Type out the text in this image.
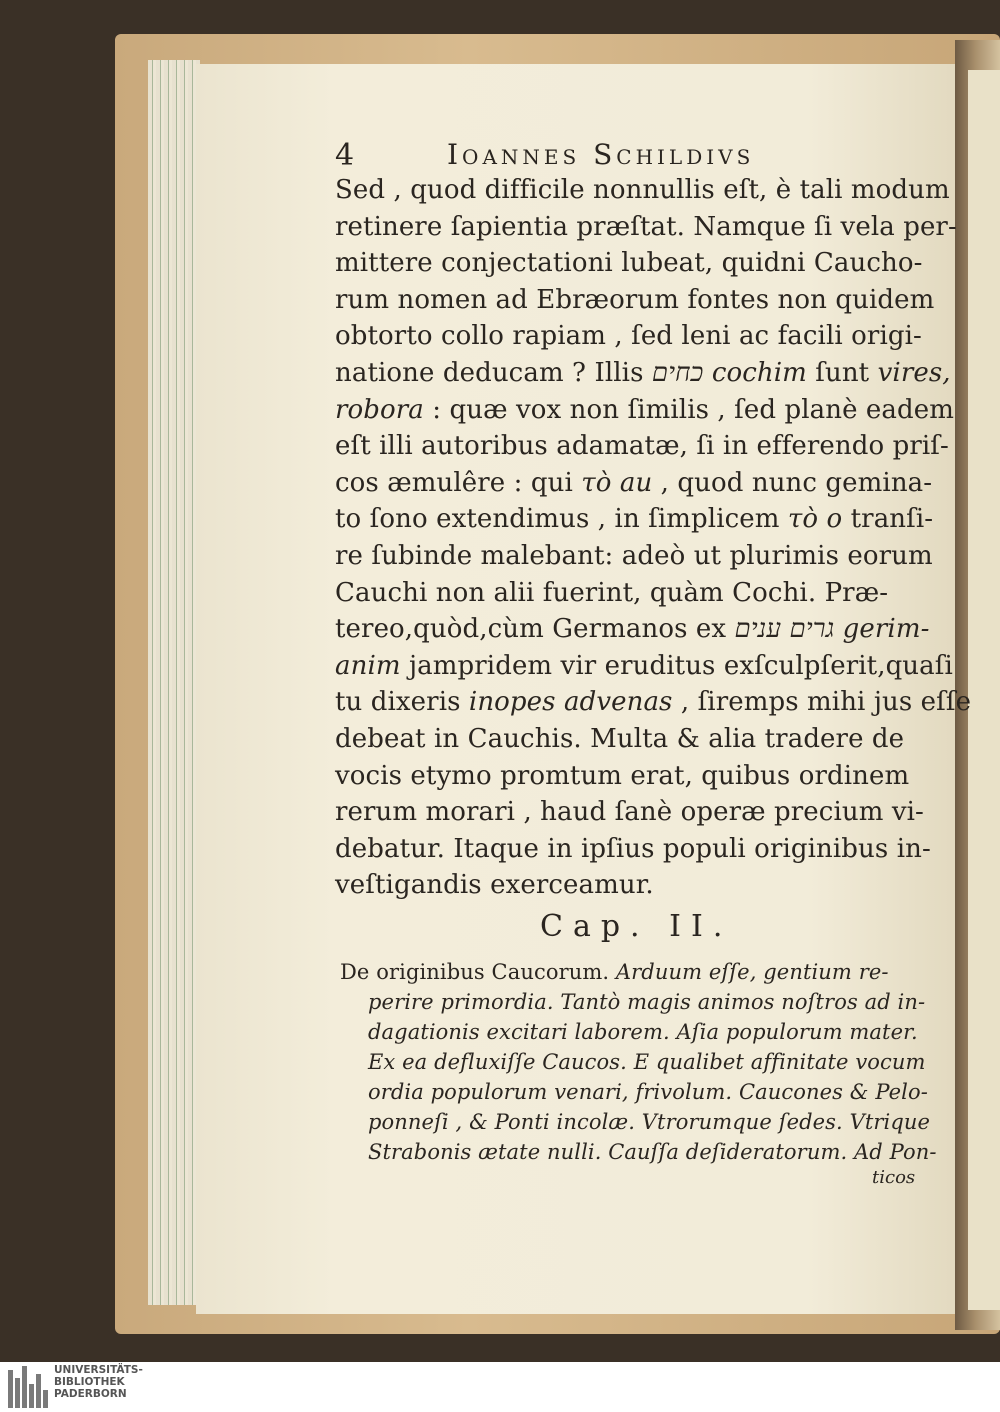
4	Ioannes Schildivs
Sed , quod difficile nonnullis eſt, è tali modum
retinere ſapientia præſtat. Namque ſi vela per-
mittere conjectationi lubeat, quidni Caucho-
rum nomen ad Ebræorum fontes non quidem
obtorto collo rapiam , ſed leni ac facili origi-
natione deducam ? Illis כחים cochim ſunt vires,
robora : quæ vox non ſimilis , ſed planè eadem
eſt illi autoribus adamatæ, ſi in efferendo priſ-
cos æmulêre : qui τὸ au , quod nunc gemina-
to ſono extendimus , in ſimplicem τὸ o tranſi-
re ſubinde malebant: adeò ut plurimis eorum
Cauchi non alii fuerint, quàm Cochi. Præ-
tereo,quòd,cùm Germanos ex גרים ענים gerim-
anim jampridem vir eruditus exſculpſerit,quaſi
tu dixeris inopes advenas , ſiremps mihi jus eſſe
debeat in Cauchis. Multa & alia tradere de
vocis etymo promtum erat, quibus ordinem
rerum morari , haud ſanè operæ precium vi-
debatur. Itaque in ipſius populi originibus in-
veſtigandis exerceamur.
Cap. II.
De originibus Caucorum. Arduum eſſe, gentium re-
perire primordia. Tantò magis animos noſtros ad in-
dagationis excitari laborem. Aſia populorum mater.
Ex ea defluxiſſe Caucos. E qualibet affinitate vocum
ordia populorum venari, frivolum. Caucones & Pelo-
ponneſi , & Ponti incolæ. Vtrorumque ſedes. Vtrique
Strabonis ætate nulli. Cauſſa deſideratorum. Ad Pon-
ticos
UNIVERSITÄTS-
BIBLIOTHEK
PADERBORN
